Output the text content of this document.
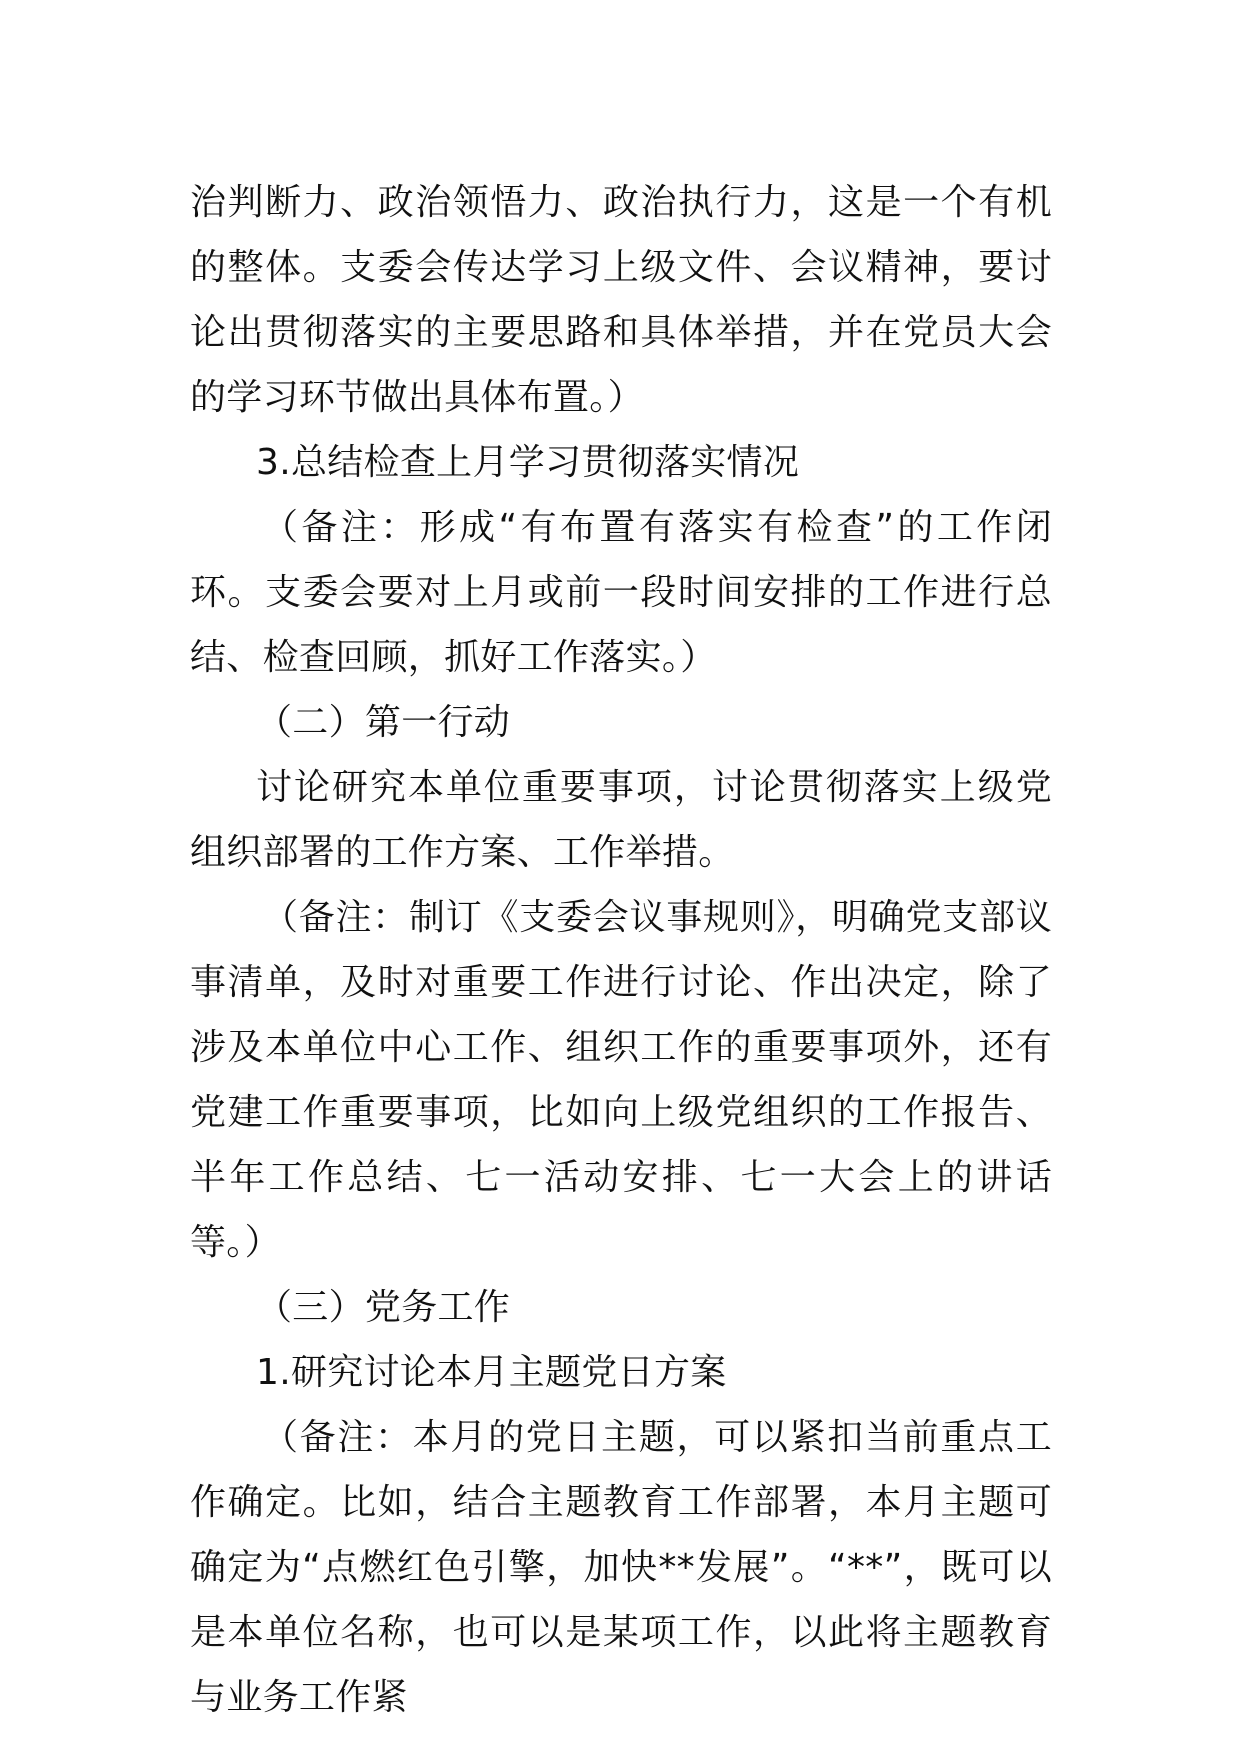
治判断力、政治领悟力、政治执行力，这是一个有机的整体。支委会传达学习上级文件、会议精神，要讨论出贯彻落实的主要思路和具体举措，并在党员大会的学习环节做出具体布置。）

3.总结检查上月学习贯彻落实情况

（备注：形成“有布置有落实有检查”的工作闭环。支委会要对上月或前一段时间安排的工作进行总结、检查回顾，抓好工作落实。）

（二）第一行动

讨论研究本单位重要事项，讨论贯彻落实上级党组织部署的工作方案、工作举措。

（备注：制订《支委会议事规则》，明确党支部议事清单，及时对重要工作进行讨论、作出决定，除了涉及本单位中心工作、组织工作的重要事项外，还有党建工作重要事项，比如向上级党组织的工作报告、半年工作总结、七一活动安排、七一大会上的讲话等。）

（三）党务工作

1.研究讨论本月主题党日方案

（备注：本月的党日主题，可以紧扣当前重点工作确定。比如，结合主题教育工作部署，本月主题可确定为“点燃红色引擎，加快**发展”。“**”，既可以是本单位名称，也可以是某项工作，以此将主题教育与业务工作紧
